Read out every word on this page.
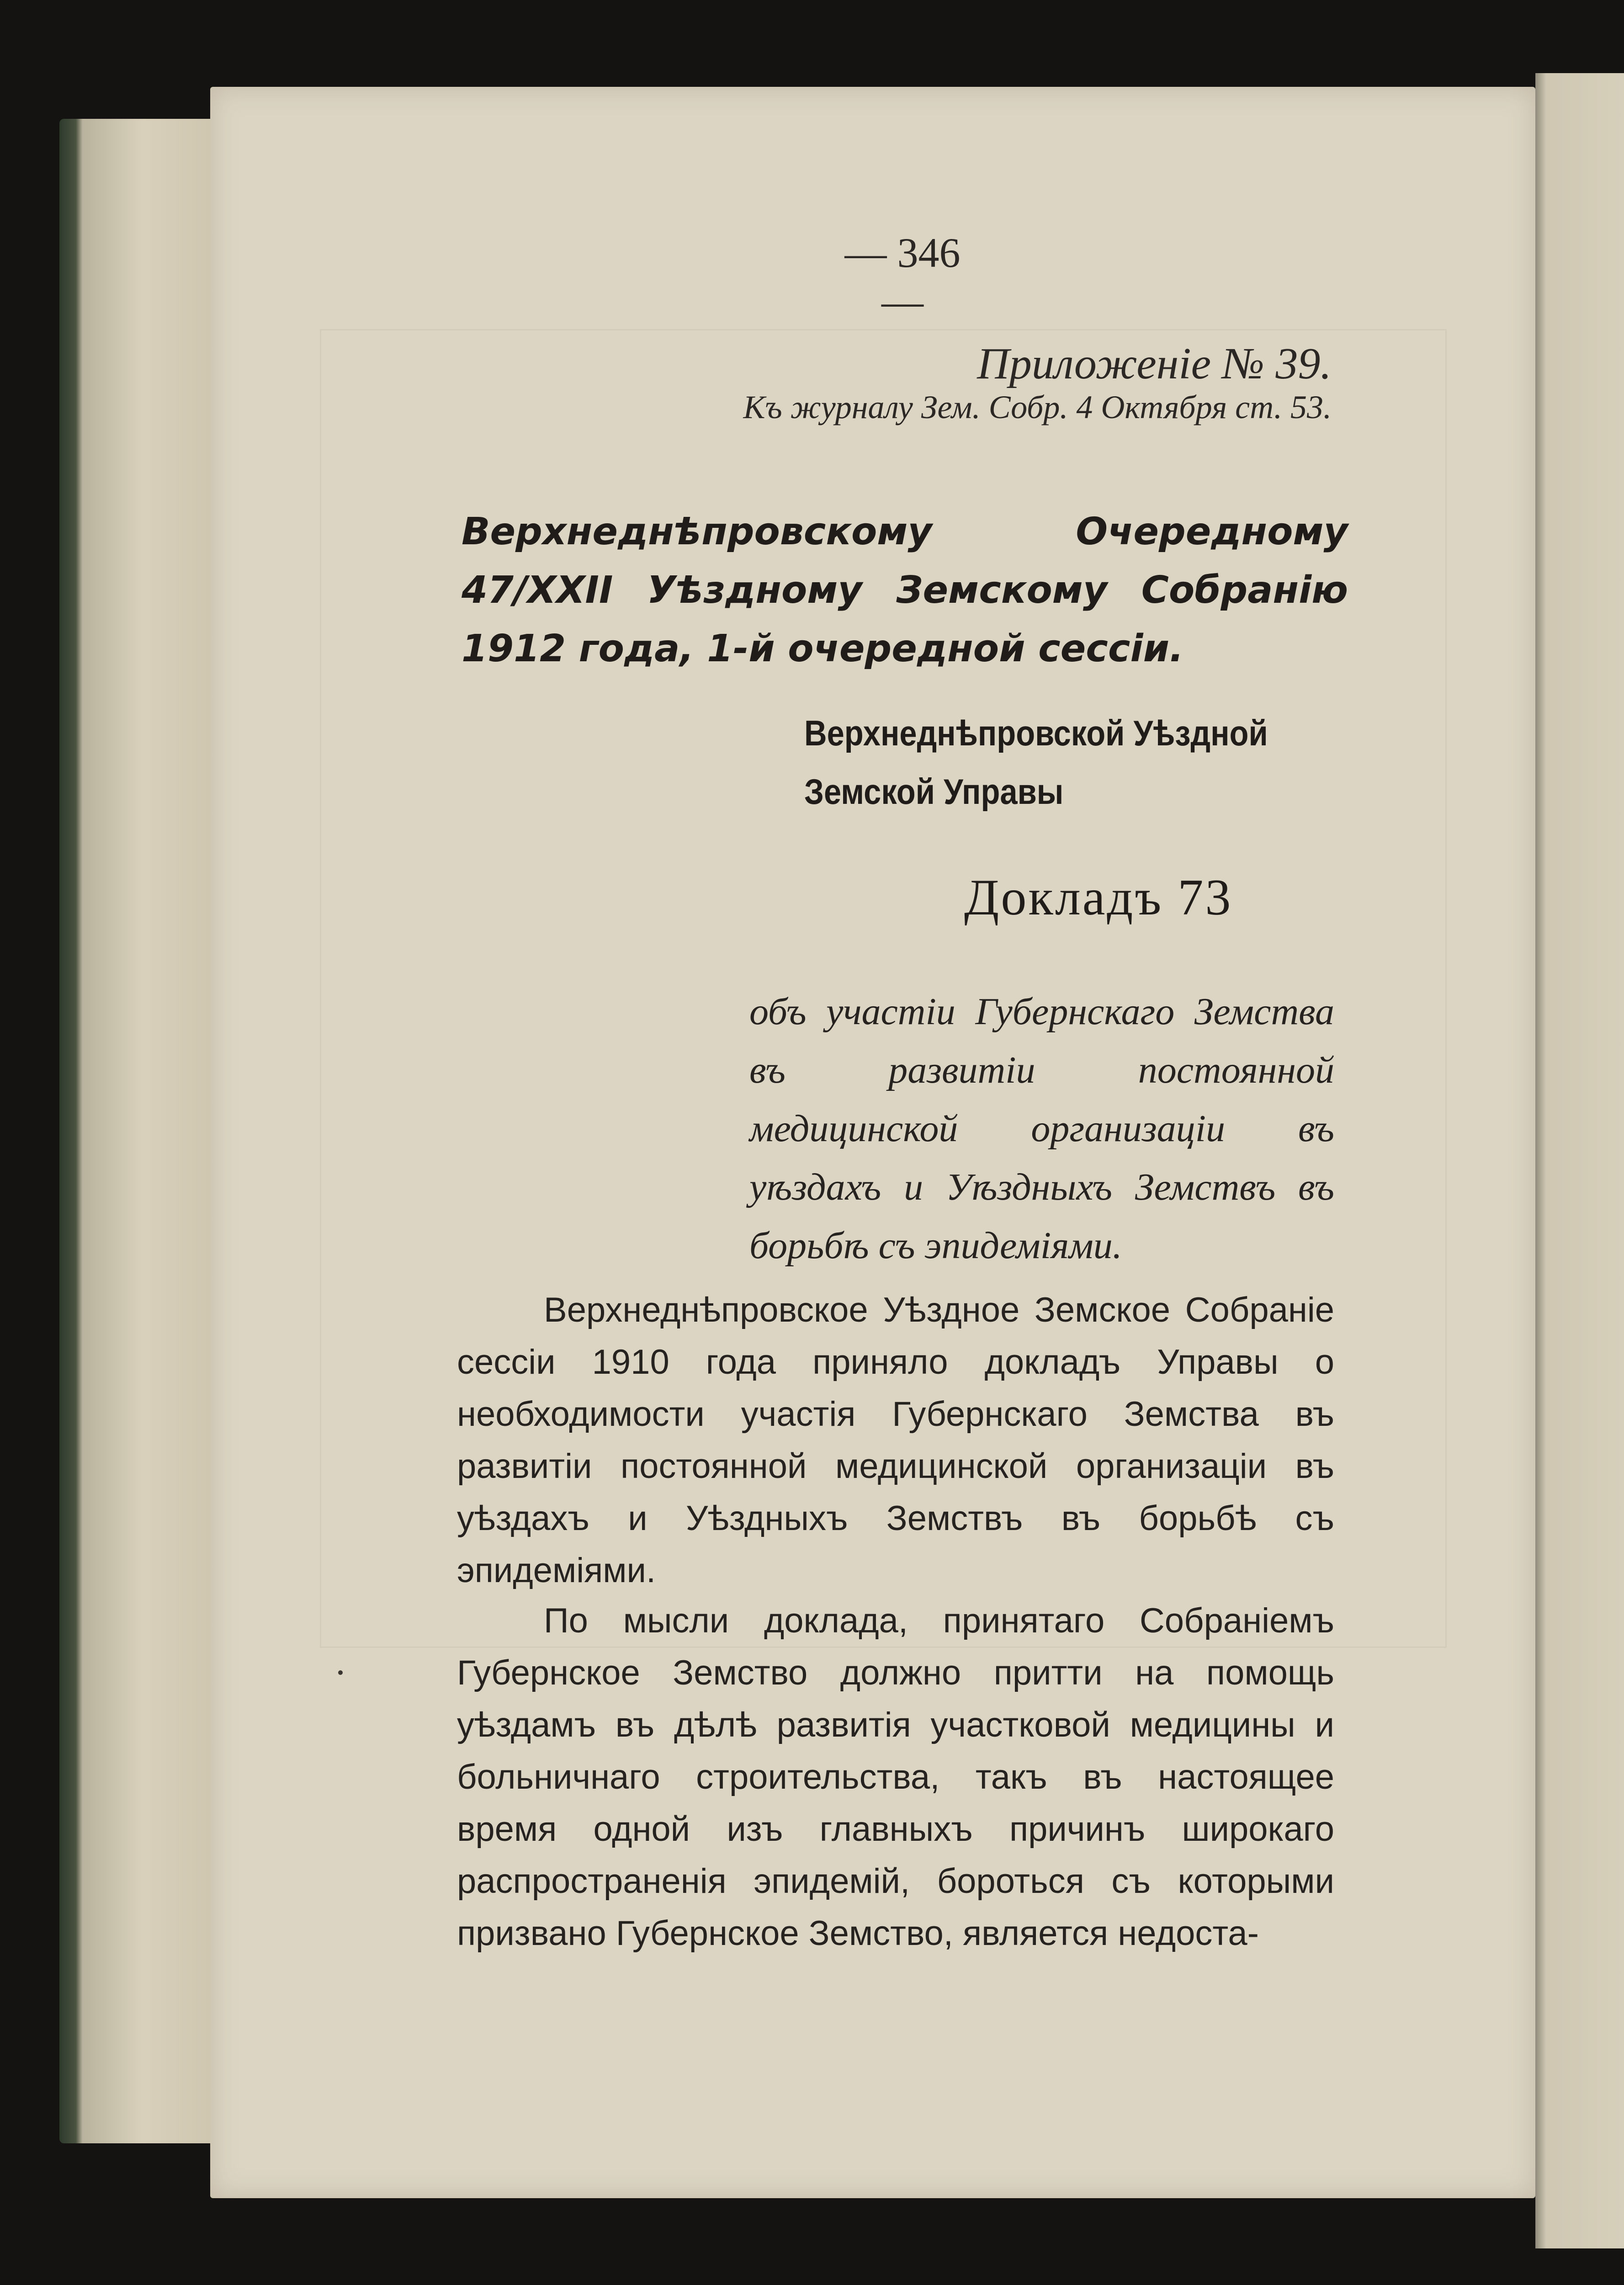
— 346 —
Приложенiе № 39.
Къ журналу Зем. Собр. 4 Октября ст. 53.
Верхнеднѣпровскому Очередному 47/XXII Уѣздному Земскому Собранiю 1912 года, 1-й очередной сессiи.
Верхнеднѣпровской Уѣздной Земской Управы
Докладъ 73
объ участiи Губернскаго Земства въ развитiи постоянной медицинской организацiи въ уѣздахъ и Уѣздныхъ Земствъ въ борьбѣ съ эпидемiями.
Верхнеднѣпровское Уѣздное Земское Собранiе сессiи 1910 года приняло докладъ Управы о необходимости участiя Губернскаго Земства въ развитiи постоянной медицинской организацiи въ уѣздахъ и Уѣздныхъ Земствъ въ борьбѣ съ эпидемiями.
По мысли доклада, принятаго Собранiемъ Губернское Земство должно притти на помощь уѣздамъ въ дѣлѣ развитiя участковой медицины и больничнаго строительства, такъ въ настоящее время одной изъ главныхъ причинъ широкаго распространенiя эпидемiй, бороться съ которыми призвано Губернское Земство, является недоста-
